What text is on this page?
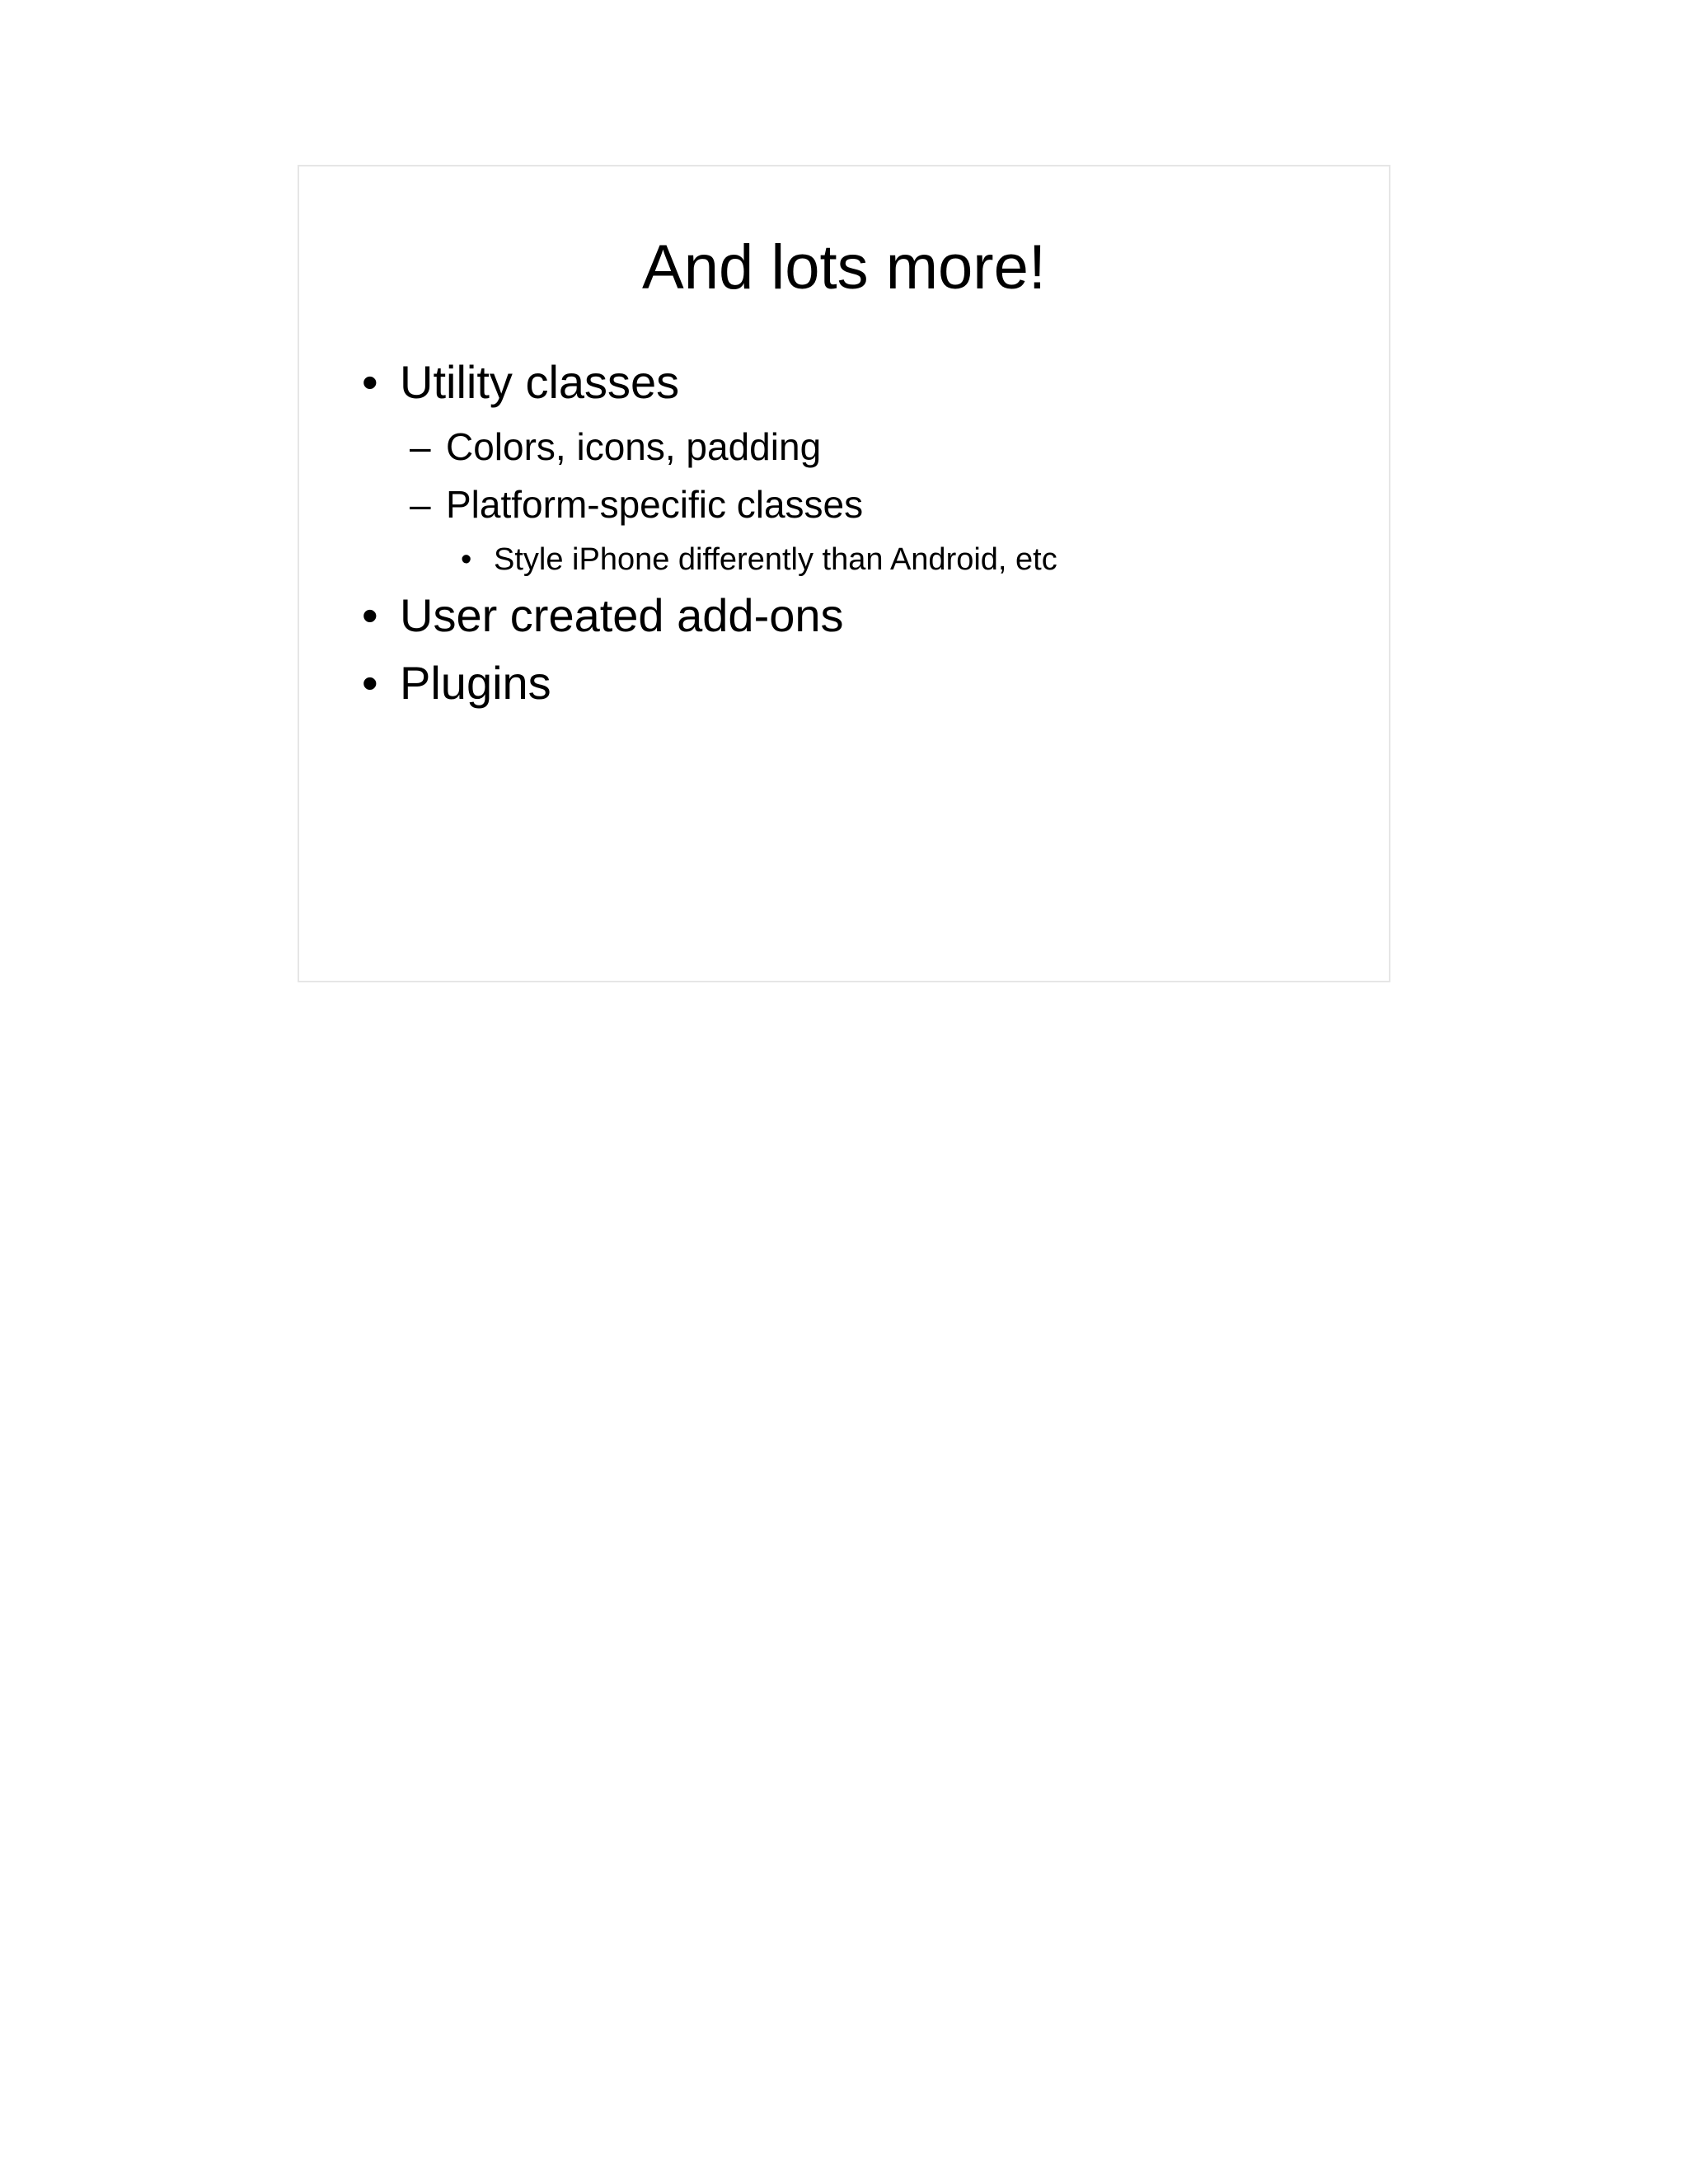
And lots more!
• Utility classes
– Colors, icons, padding
– Platform-specific classes
• Style iPhone differently than Android, etc
• User created add-ons
• Plugins
